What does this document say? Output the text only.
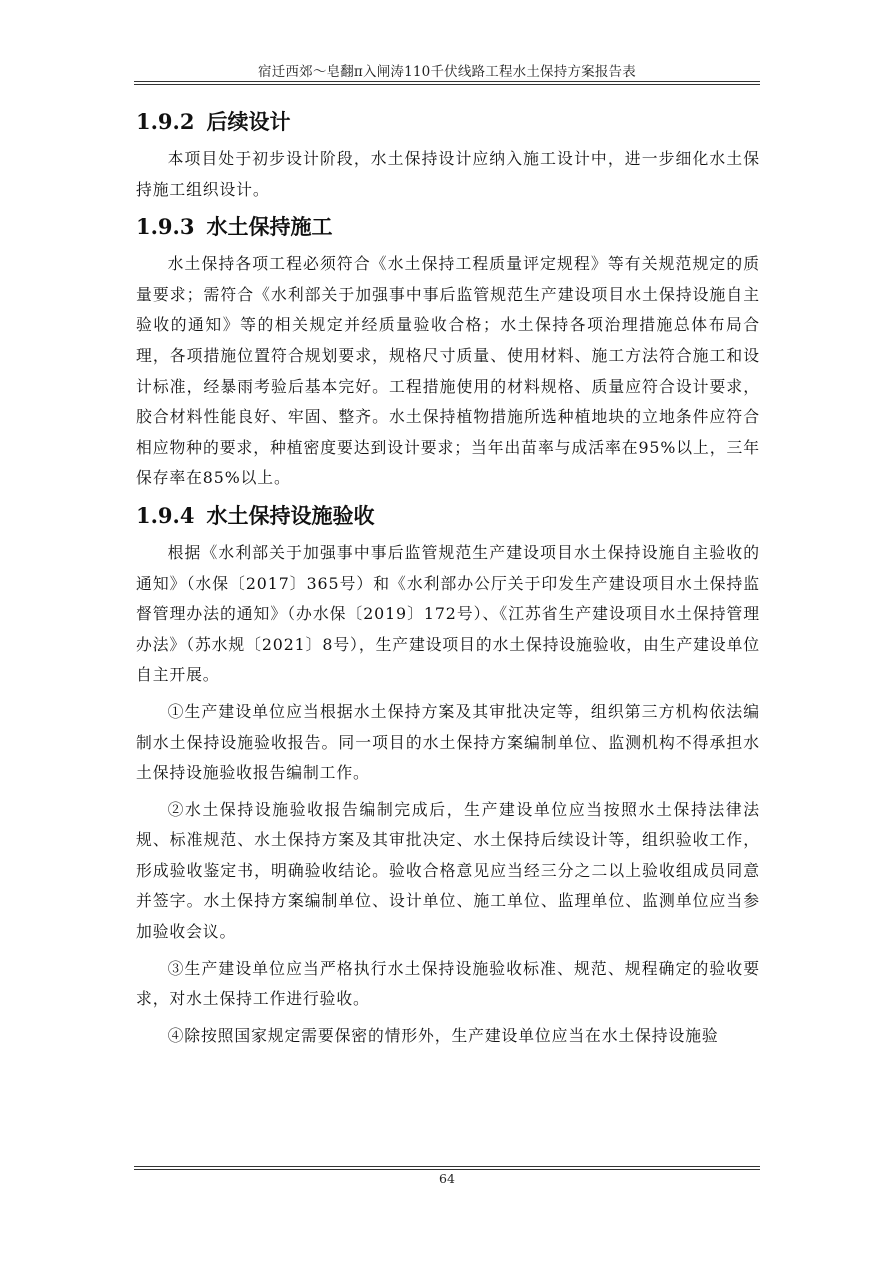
宿迁西郊～皂翻π入闸涛110千伏线路工程水土保持方案报告表
1.9.2 后续设计

本项目处于初步设计阶段，水土保持设计应纳入施工设计中，进一步细化水土保持施工组织设计。

1.9.3 水土保持施工

水土保持各项工程必须符合《水土保持工程质量评定规程》等有关规范规定的质量要求；需符合《水利部关于加强事中事后监管规范生产建设项目水土保持设施自主验收的通知》等的相关规定并经质量验收合格；水土保持各项治理措施总体布局合理，各项措施位置符合规划要求，规格尺寸质量、使用材料、施工方法符合施工和设计标准，经暴雨考验后基本完好。工程措施使用的材料规格、质量应符合设计要求，胶合材料性能良好、牢固、整齐。水土保持植物措施所选种植地块的立地条件应符合相应物种的要求，种植密度要达到设计要求；当年出苗率与成活率在95%以上，三年保存率在85%以上。

1.9.4 水土保持设施验收

根据《水利部关于加强事中事后监管规范生产建设项目水土保持设施自主验收的通知》（水保〔2017〕365号）和《水利部办公厅关于印发生产建设项目水土保持监督管理办法的通知》（办水保〔2019〕172号）、《江苏省生产建设项目水土保持管理办法》（苏水规〔2021〕8号），生产建设项目的水土保持设施验收，由生产建设单位自主开展。

①生产建设单位应当根据水土保持方案及其审批决定等，组织第三方机构依法编制水土保持设施验收报告。同一项目的水土保持方案编制单位、监测机构不得承担水土保持设施验收报告编制工作。

②水土保持设施验收报告编制完成后，生产建设单位应当按照水土保持法律法规、标准规范、水土保持方案及其审批决定、水土保持后续设计等，组织验收工作，形成验收鉴定书，明确验收结论。验收合格意见应当经三分之二以上验收组成员同意并签字。水土保持方案编制单位、设计单位、施工单位、监理单位、监测单位应当参加验收会议。

③生产建设单位应当严格执行水土保持设施验收标准、规范、规程确定的验收要求，对水土保持工作进行验收。

④除按照国家规定需要保密的情形外，生产建设单位应当在水土保持设施验

64
